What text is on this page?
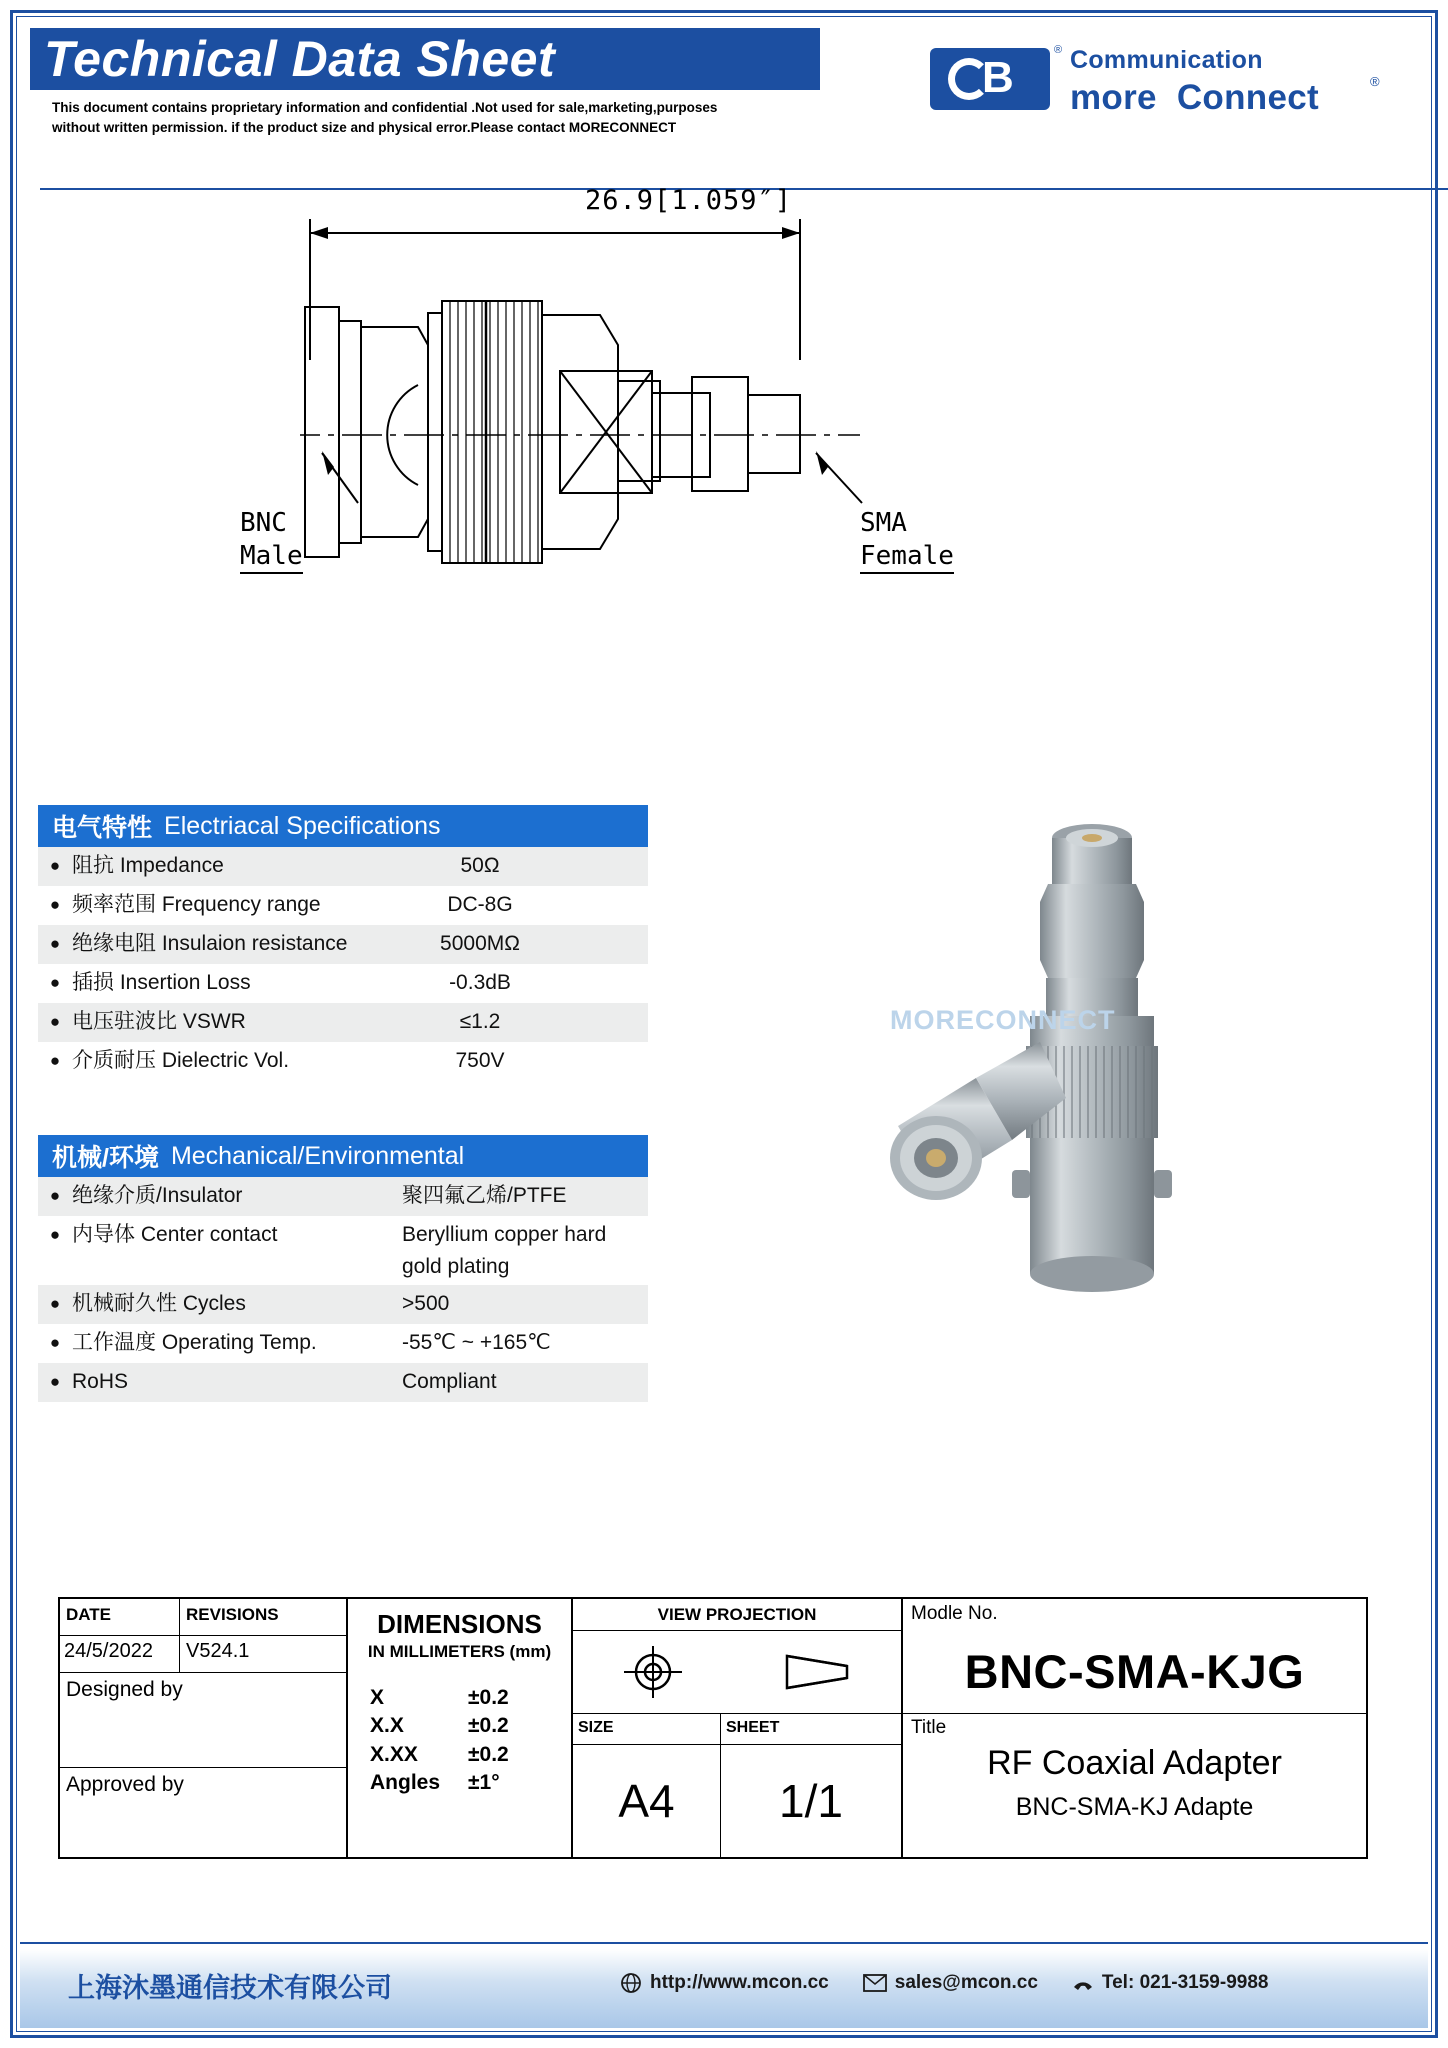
Technical Data Sheet
This document contains proprietary information and confidential .Not used for sale,marketing,purposes
without written permission. if the product size and physical error.Please contact MORECONNECT
B
® Communication
more Connect	®
26.9[1.059″]
BNC
Male
SMA
Female
电气特性 Electriacal Specifications
● 阻抗 Impedance	50Ω
● 频率范围 Frequency range	DC-8G
● 绝缘电阻 Insulaion resistance	5000MΩ
● 插损 Insertion Loss	-0.3dB
● 电压驻波比 VSWR	≤1.2
● 介质耐压 Dielectric Vol.	750V
机械/环境 Mechanical/Environmental
● 绝缘介质/Insulator	聚四氟乙烯/PTFE
● 内导体 Center contact	Beryllium copper hard
gold plating
● 机械耐久性 Cycles	>500
● 工作温度 Operating Temp.	-55℃ ~ +165℃
● RoHS	Compliant
MORECONNECT
DATE	REVISIONS
24/5/2022	V524.1
Designed by
Approved by
DIMENSIONS
IN MILLIMETERS (mm)
X	±0.2
X.X	±0.2
X.XX	±0.2
Angles	±1°
VIEW PROJECTION
SIZE	SHEET
A4	1/1
Modle No.
BNC-SMA-KJG
Title
RF Coaxial Adapter
BNC-SMA-KJ Adapte
上海沐墨通信技术有限公司	http://www.mcon.cc	sales@mcon.cc	Tel: 021-3159-9988
